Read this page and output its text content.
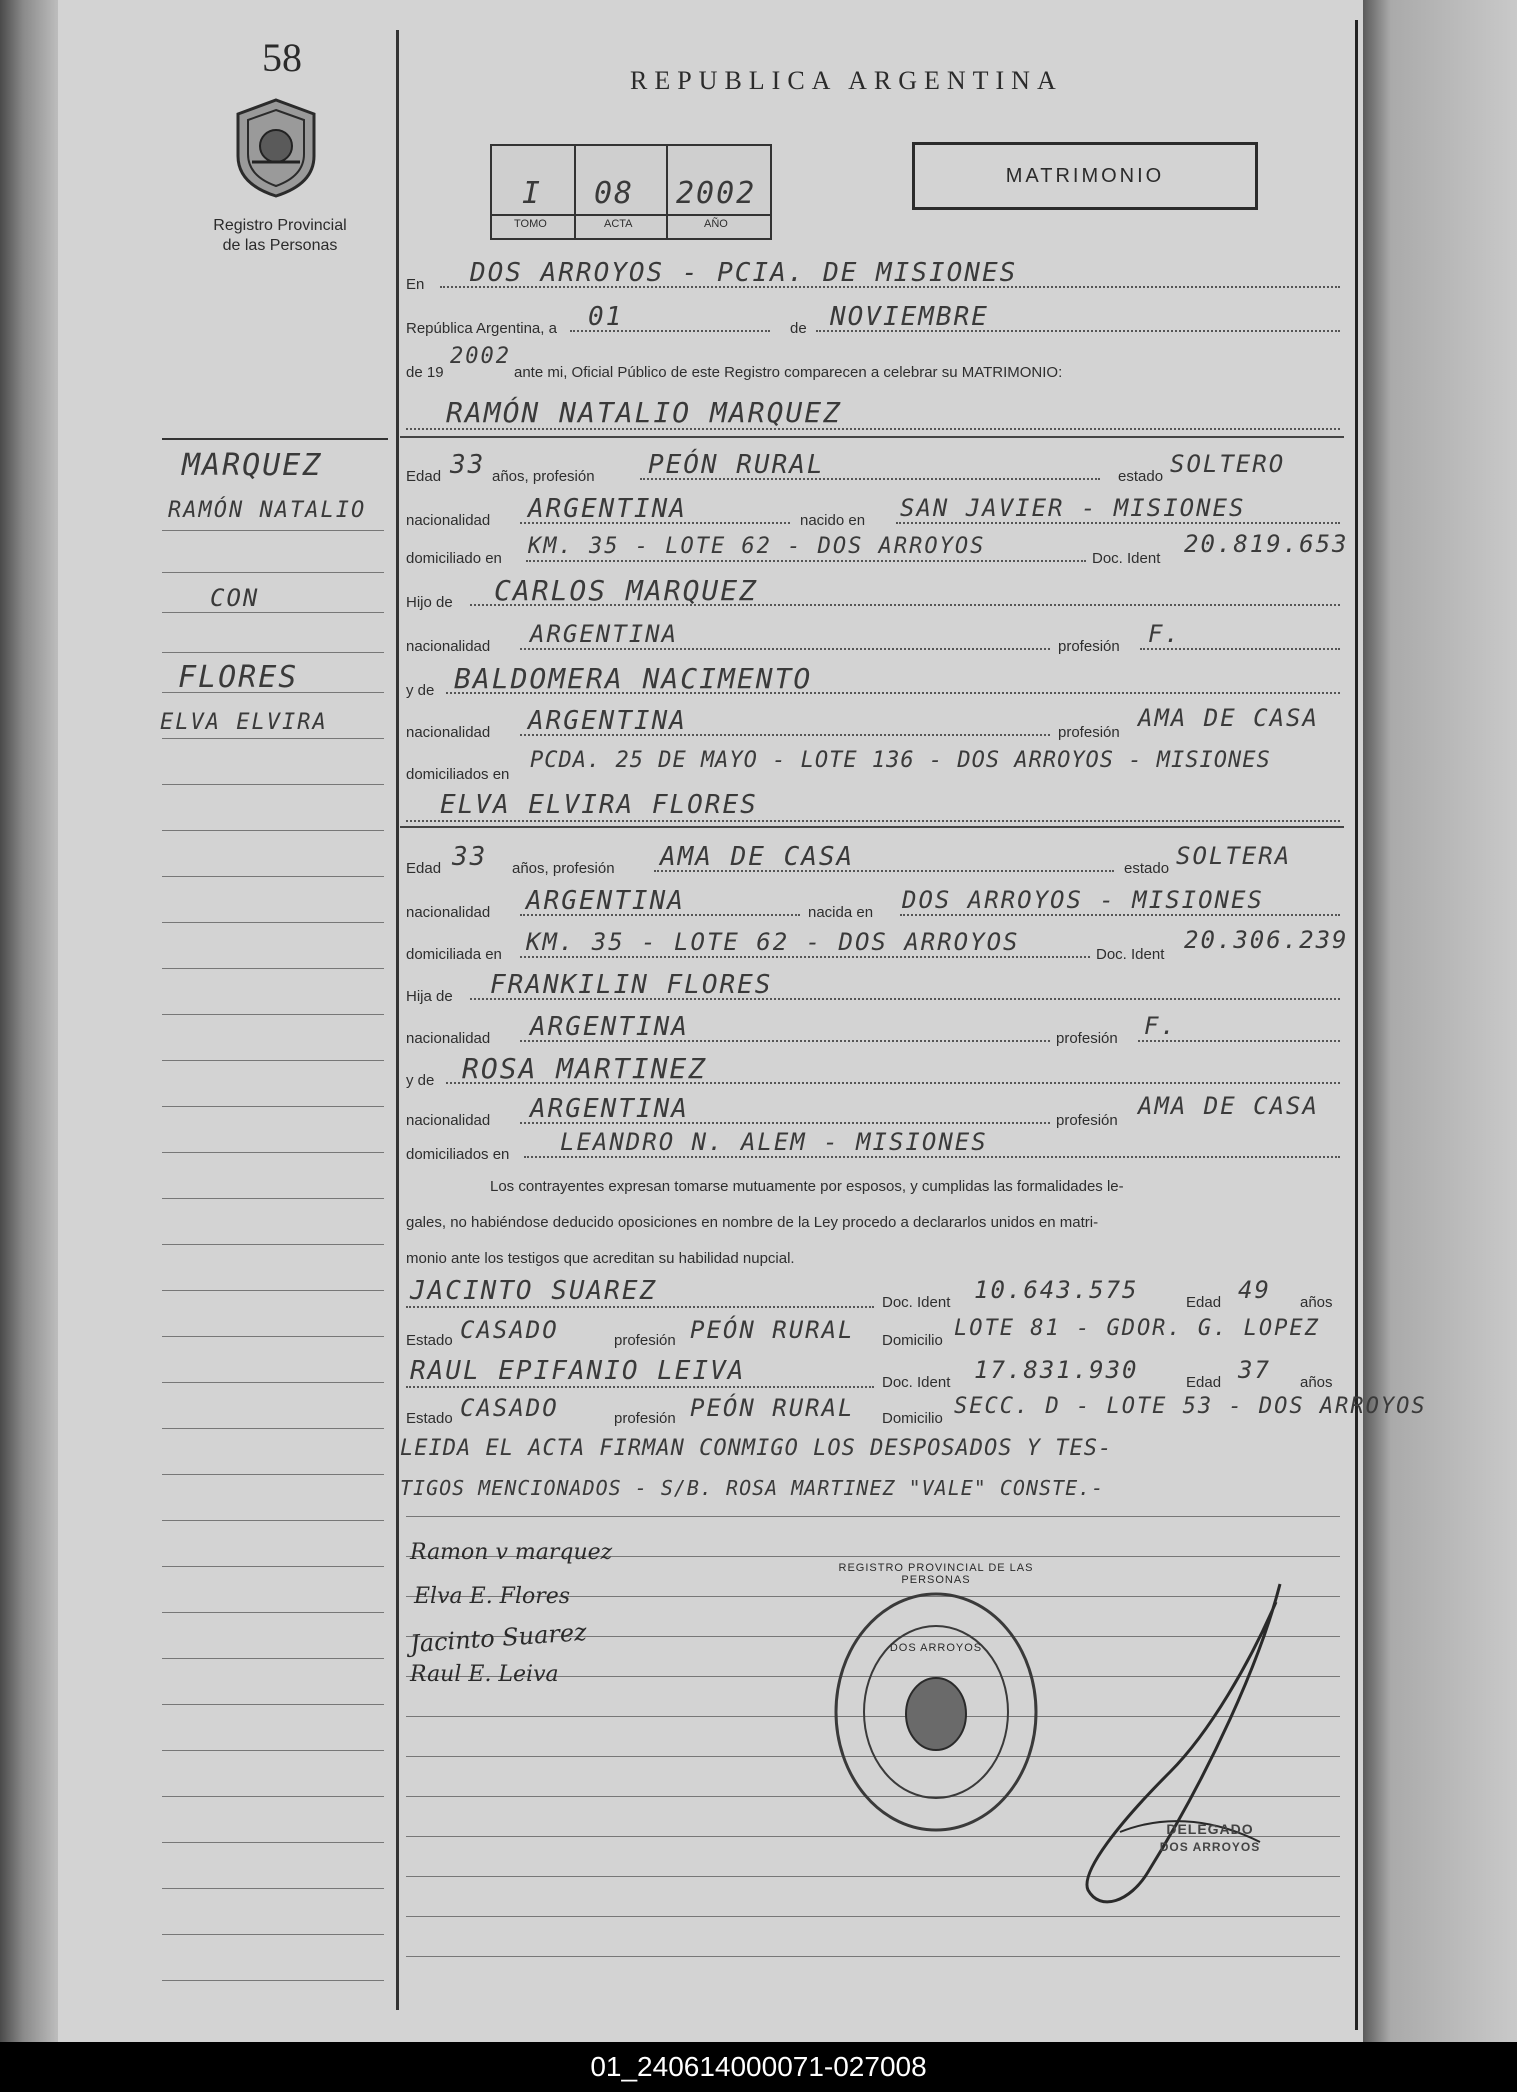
58
Registro Provincial
de las Personas
MARQUEZ
RAMÓN NATALIO
CON
FLORES
ELVA ELVIRA
REPUBLICA ARGENTINA
I 08 2002
TOMO	ACTA	AÑO
MATRIMONIO
En DOS ARROYOS - PCIA. DE MISIONES
República Argentina, a 01	de NOVIEMBRE
de 19
2002
ante mi, Oficial Público de este Registro comparecen a celebrar su MATRIMONIO:
RAMÓN NATALIO MARQUEZ
Edad 33 años, profesión PEÓN RURAL	estado SOLTERO
nacionalidad ARGENTINA	nacido en SAN JAVIER - MISIONES
domiciliado en KM. 35 - LOTE 62 - DOS ARROYOS	Doc. Ident
20.819.653
Hijo de CARLOS MARQUEZ
nacionalidad ARGENTINA	profesión F.
y de BALDOMERA NACIMENTO
nacionalidad ARGENTINA	profesión
AMA DE CASA
domiciliados en
PCDA. 25 DE MAYO - LOTE 136 - DOS ARROYOS - MISIONES
ELVA ELVIRA FLORES
Edad 33 años, profesión AMA DE CASA	estado SOLTERA
nacionalidad ARGENTINA	nacida en DOS ARROYOS - MISIONES
domiciliada en KM. 35 - LOTE 62 - DOS ARROYOS	Doc. Ident
20.306.239
Hija de FRANKILIN FLORES
nacionalidad ARGENTINA	profesión F.
y de ROSA MARTINEZ
nacionalidad ARGENTINA	profesión
AMA DE CASA
domiciliados en LEANDRO N. ALEM - MISIONES
Los contrayentes expresan tomarse mutuamente por esposos, y cumplidas las formalidades le-
gales, no habiéndose deducido oposiciones en nombre de la Ley procedo a declararlos unidos en matri-
monio ante los testigos que acreditan su habilidad nupcial.
JACINTO SUAREZ	Doc. Ident 10.643.575	Edad 49 años
Estado CASADO	profesión PEÓN RURAL Domicilio LOTE 81 - GDOR. G. LOPEZ
RAUL EPIFANIO LEIVA	Doc. Ident 17.831.930	Edad 37 años
Estado CASADO	profesión PEÓN RURAL Domicilio SECC. D - LOTE 53 - DOS ARROYOS
LEIDA EL ACTA FIRMAN CONMIGO LOS DESPOSADOS Y TES-
TIGOS MENCIONADOS - S/B. ROSA MARTINEZ "VALE" CONSTE.-
Ramon v marquez
Elva E. Flores
Jacinto Suarez
Raul E. Leiva
REGISTRO PROVINCIAL DE LAS PERSONAS
DOS ARROYOS
DELEGADO
DOS ARROYOS
01_240614000071-027008
